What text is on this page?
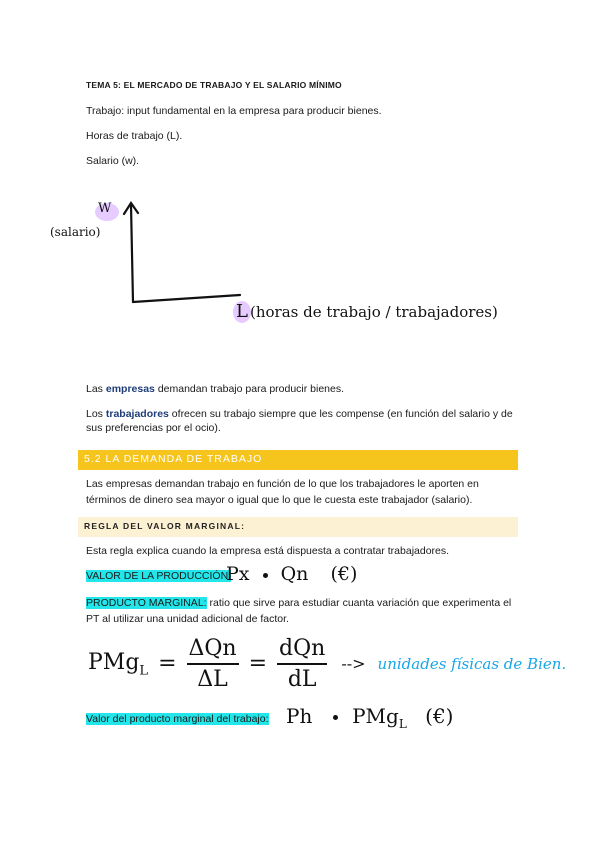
TEMA 5: EL MERCADO DE TRABAJO Y EL SALARIO MÍNIMO
Trabajo: input fundamental en la empresa para producir bienes.
Horas de trabajo (L).
Salario (w).
W
(salario)
L (horas de trabajo / trabajadores)
Las empresas demandan trabajo para producir bienes.
Los trabajadores ofrecen su trabajo siempre que les compense (en función del salario y de sus preferencias por el ocio).
5.2 LA DEMANDA DE TRABAJO
Las empresas demandan trabajo en función de lo que los trabajadores le aporten en términos de dinero sea mayor o igual que lo que le cuesta este trabajador (salario).
REGLA DEL VALOR MARGINAL:
Esta regla explica cuando la empresa está dispuesta a contratar trabajadores.
VALOR DE LA PRODUCCIÓN:
Px Qn (€)
PRODUCTO MARGINAL: ratio que sirve para estudiar cuanta variación que experimenta el PT al utilizar una unidad adicional de factor.
$PMg_L = \frac{\text{ΔQn}}{\Delta L} = \frac{\text{dQn}}{dL}$ --> unidades físicas de Bien.
Valor del producto marginal del trabajo: Ph PMg$_L$ (€)
